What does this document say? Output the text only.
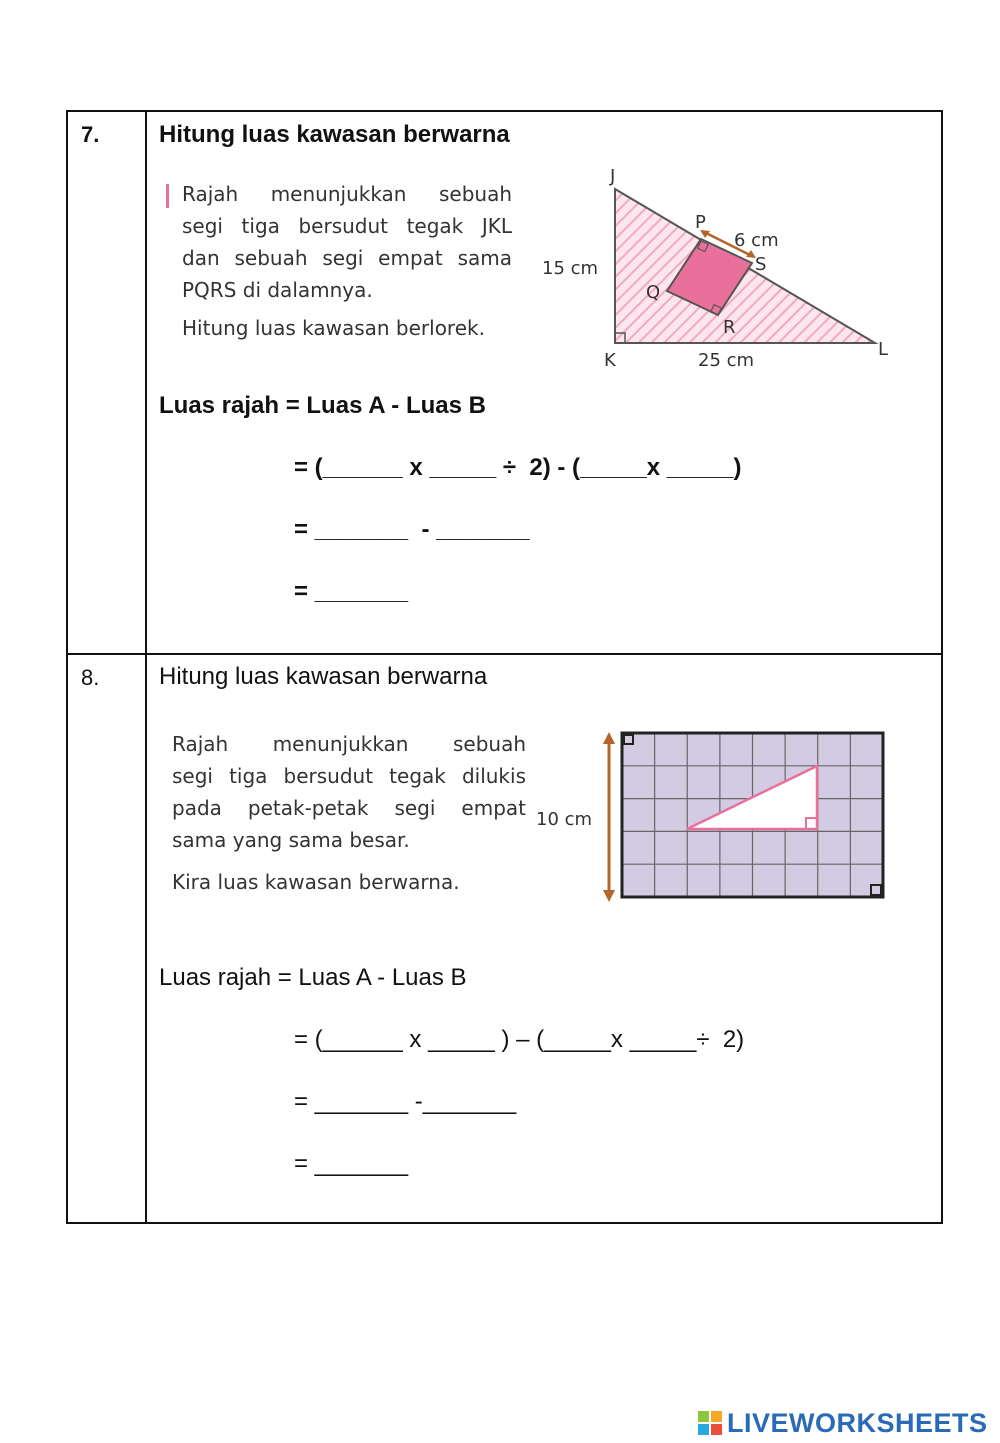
7. Hitung luas kawasan berwarna
Rajah menunjukkan sebuah
segi tiga bersudut tegak JKL
dan sebuah segi empat sama
PQRS di dalamnya.
Hitung luas kawasan berlorek.
J
K
L
P
Q
R
S
15 cm
25 cm
6 cm
Luas rajah = Luas A - Luas B
= (______ x _____ ÷  2) - (_____x _____)
= _______  - _______
= _______
8. Hitung luas kawasan berwarna
Rajah menunjukkan sebuah
segi tiga bersudut tegak dilukis
pada petak-petak segi empat
sama yang sama besar.
Kira luas kawasan berwarna.
10 cm
Luas rajah = Luas A - Luas B
= (______ x _____ ) – (_____x _____÷  2)
= _______ -_______
= _______
LIVEWORKSHEETS
